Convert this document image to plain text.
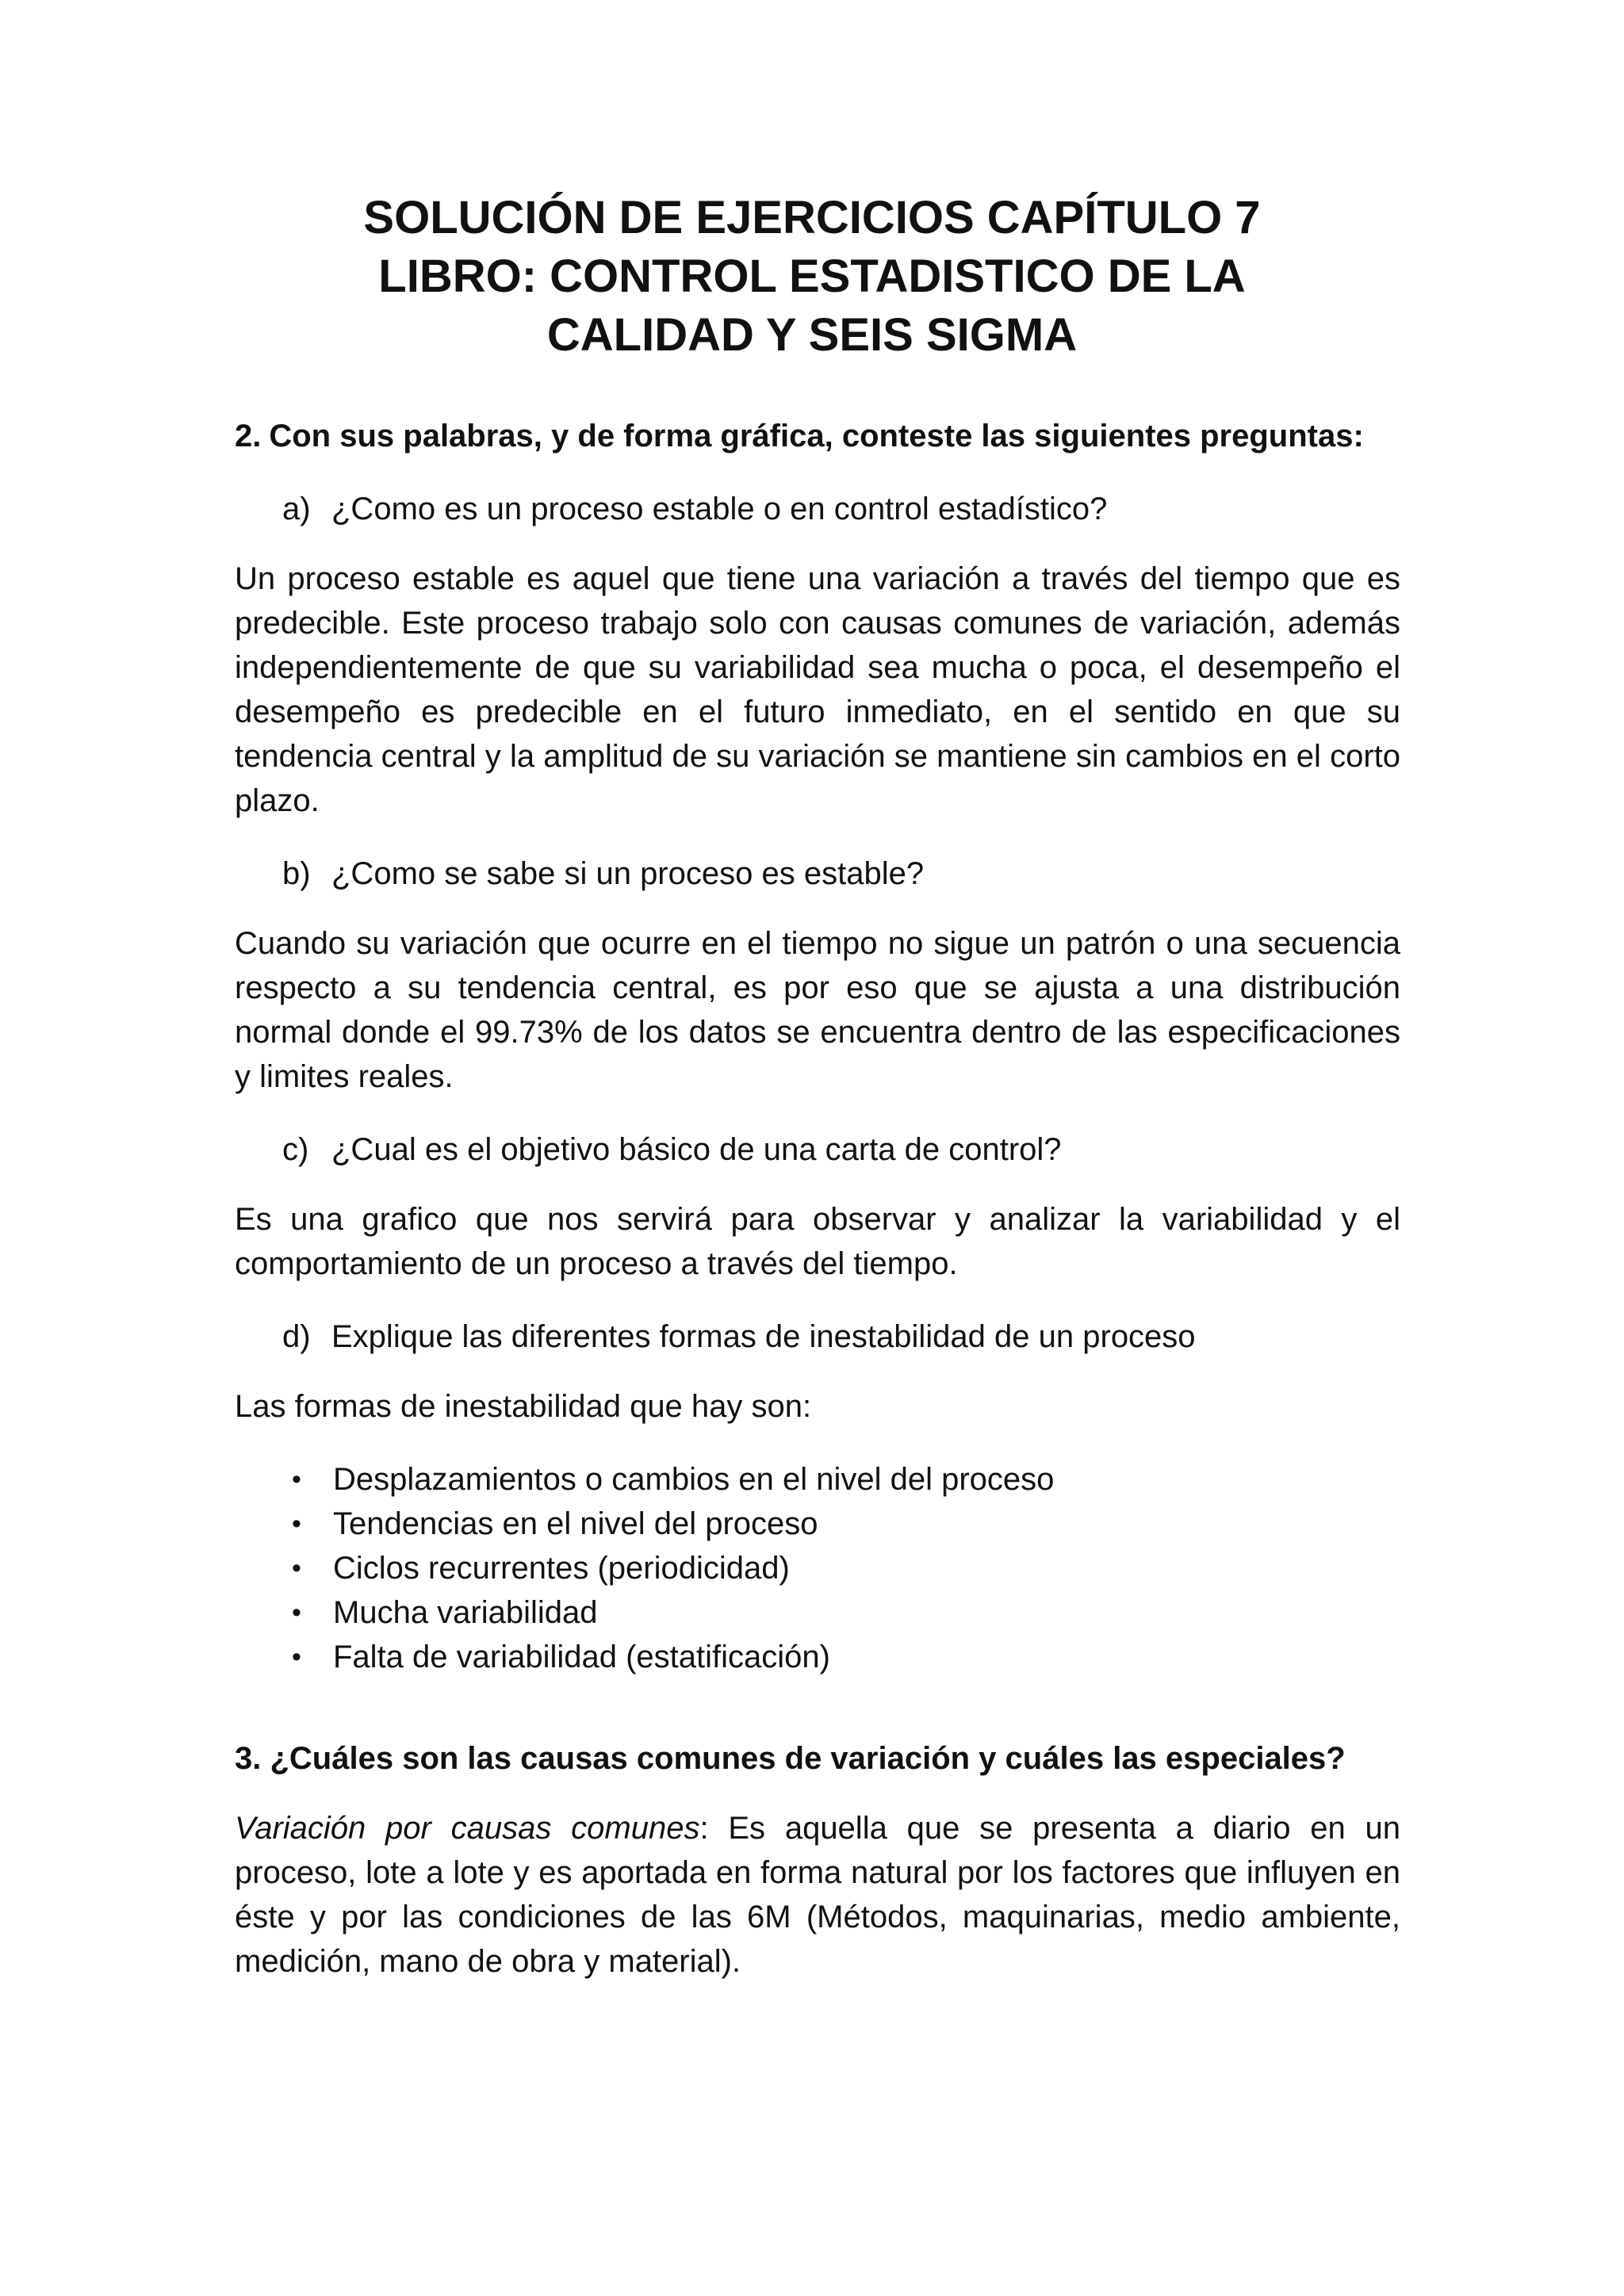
SOLUCIÓN DE EJERCICIOS CAPÍTULO 7
LIBRO: CONTROL ESTADISTICO DE LA
CALIDAD Y SEIS SIGMA

2. Con sus palabras, y de forma gráfica, conteste las siguientes preguntas:

a) ¿Como es un proceso estable o en control estadístico?

Un proceso estable es aquel que tiene una variación a través del tiempo que es predecible. Este proceso trabajo solo con causas comunes de variación, además independientemente de que su variabilidad sea mucha o poca, el desempeño el desempeño es predecible en el futuro inmediato, en el sentido en que su tendencia central y la amplitud de su variación se mantiene sin cambios en el corto plazo.

b) ¿Como se sabe si un proceso es estable?

Cuando su variación que ocurre en el tiempo no sigue un patrón o una secuencia respecto a su tendencia central, es por eso que se ajusta a una distribución normal donde el 99.73% de los datos se encuentra dentro de las especificaciones y limites reales.

c) ¿Cual es el objetivo básico de una carta de control?

Es una grafico que nos servirá para observar y analizar la variabilidad y el comportamiento de un proceso a través del tiempo.

d) Explique las diferentes formas de inestabilidad de un proceso

Las formas de inestabilidad que hay son:

• Desplazamientos o cambios en el nivel del proceso
• Tendencias en el nivel del proceso
• Ciclos recurrentes (periodicidad)
• Mucha variabilidad
• Falta de variabilidad (estatificación)

3. ¿Cuáles son las causas comunes de variación y cuáles las especiales?

Variación por causas comunes: Es aquella que se presenta a diario en un proceso, lote a lote y es aportada en forma natural por los factores que influyen en éste y por las condiciones de las 6M (Métodos, maquinarias, medio ambiente, medición, mano de obra y material).
